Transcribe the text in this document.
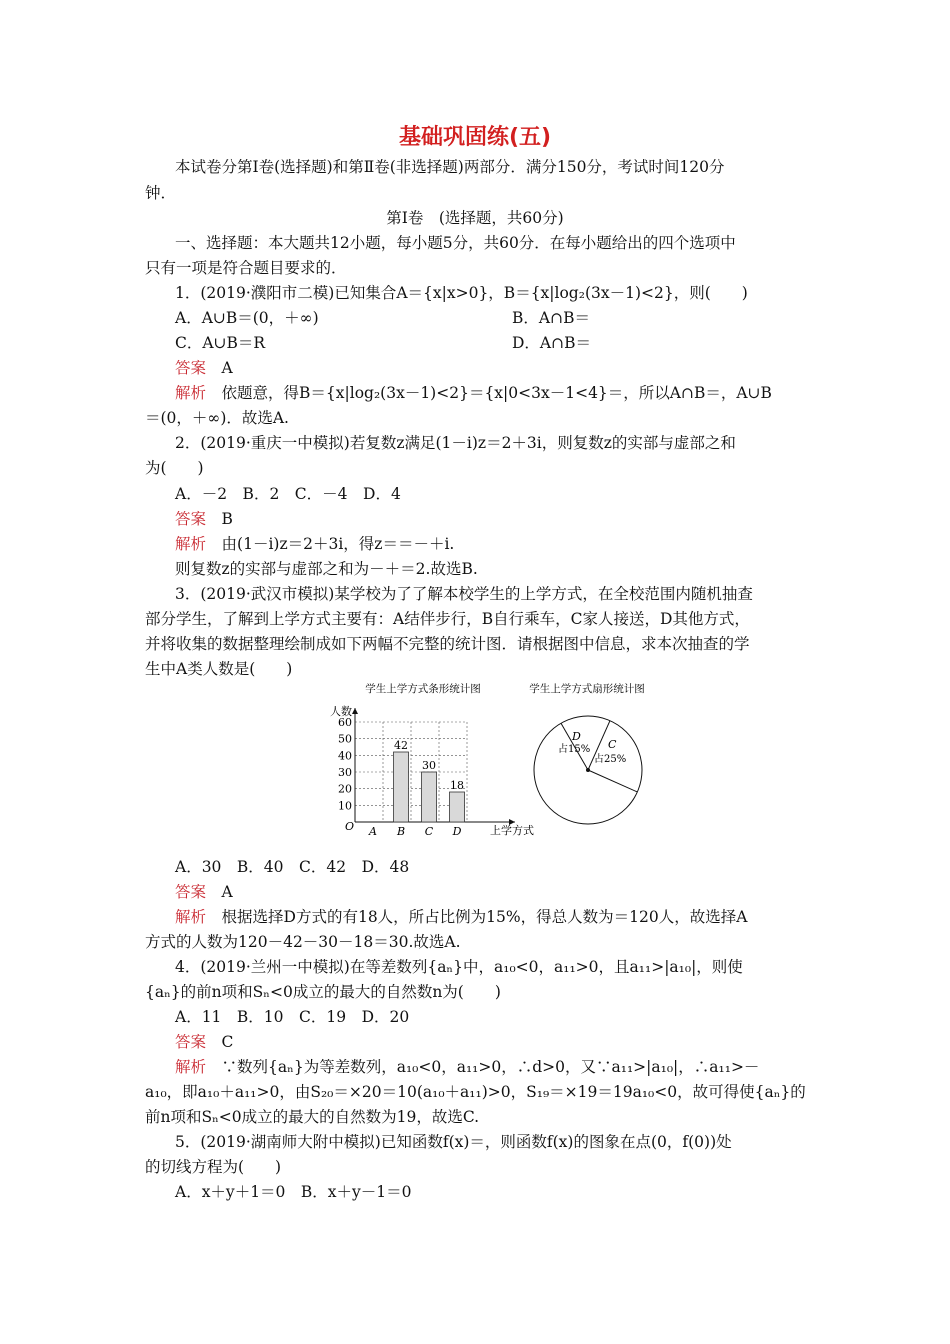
基础巩固练(五)
本试卷分第Ⅰ卷(选择题)和第Ⅱ卷(非选择题)两部分．满分150分，考试时间120分
钟．
第Ⅰ卷　(选择题，共60分)
一、选择题：本大题共12小题，每小题5分，共60分．在每小题给出的四个选项中
只有一项是符合题目要求的．
1．(2019·濮阳市二模)已知集合A＝{x|x>0}，B＝{x|log₂(3x－1)<2}，则(　　)
A．A∪B＝(0，＋∞)	B．A∩B＝
C．A∪B＝R	D．A∩B＝
答案　 A
解析　 依题意，得B＝{x|log₂(3x－1)<2}＝{x|0<3x－1<4}＝，所以A∩B＝，A∪B
＝(0，＋∞)．故选A.
2．(2019·重庆一中模拟)若复数z满足(1－i)z＝2＋3i，则复数z的实部与虚部之和
为(　　)
A．－2　B．2　C．－4　D．4
答案　 B
解析　 由(1－i)z＝2＋3i，得z＝＝－＋i.
则复数z的实部与虚部之和为－＋＝2.故选B.
3．(2019·武汉市模拟)某学校为了了解本校学生的上学方式，在全校范围内随机抽查
部分学生，了解到上学方式主要有：A结伴步行，B自行乘车，C家人接送，D其他方式，
并将收集的数据整理绘制成如下两幅不完整的统计图．请根据图中信息，求本次抽查的学
生中A类人数是(　　)
学生上学方式条形统计图	学生上学方式扇形统计图
人数
O	上学方式
10
20
30
40
50
60
A B
42
C
30
D
18
D
占15% C
占25%
A．30　B．40　C．42　D．48
答案　 A
解析　 根据选择D方式的有18人，所占比例为15%，得总人数为＝120人，故选择A
方式的人数为120－42－30－18＝30.故选A.
4．(2019·兰州一中模拟)在等差数列{aₙ}中，a₁₀<0，a₁₁>0，且a₁₁>|a₁₀|，则使
{aₙ}的前n项和Sₙ<0成立的最大的自然数n为(　　)
A．11　B．10　C．19　D．20
答案　 C
解析　 ∵数列{aₙ}为等差数列，a₁₀<0，a₁₁>0，∴d>0，又∵a₁₁>|a₁₀|，∴a₁₁>－
a₁₀，即a₁₀＋a₁₁>0，由S₂₀＝×20＝10(a₁₀＋a₁₁)>0，S₁₉＝×19＝19a₁₀<0，故可得使{aₙ}的
前n项和Sₙ<0成立的最大的自然数为19，故选C.
5．(2019·湖南师大附中模拟)已知函数f(x)＝，则函数f(x)的图象在点(0，f(0))处
的切线方程为(　　)
A．x＋y＋1＝0　B．x＋y－1＝0
